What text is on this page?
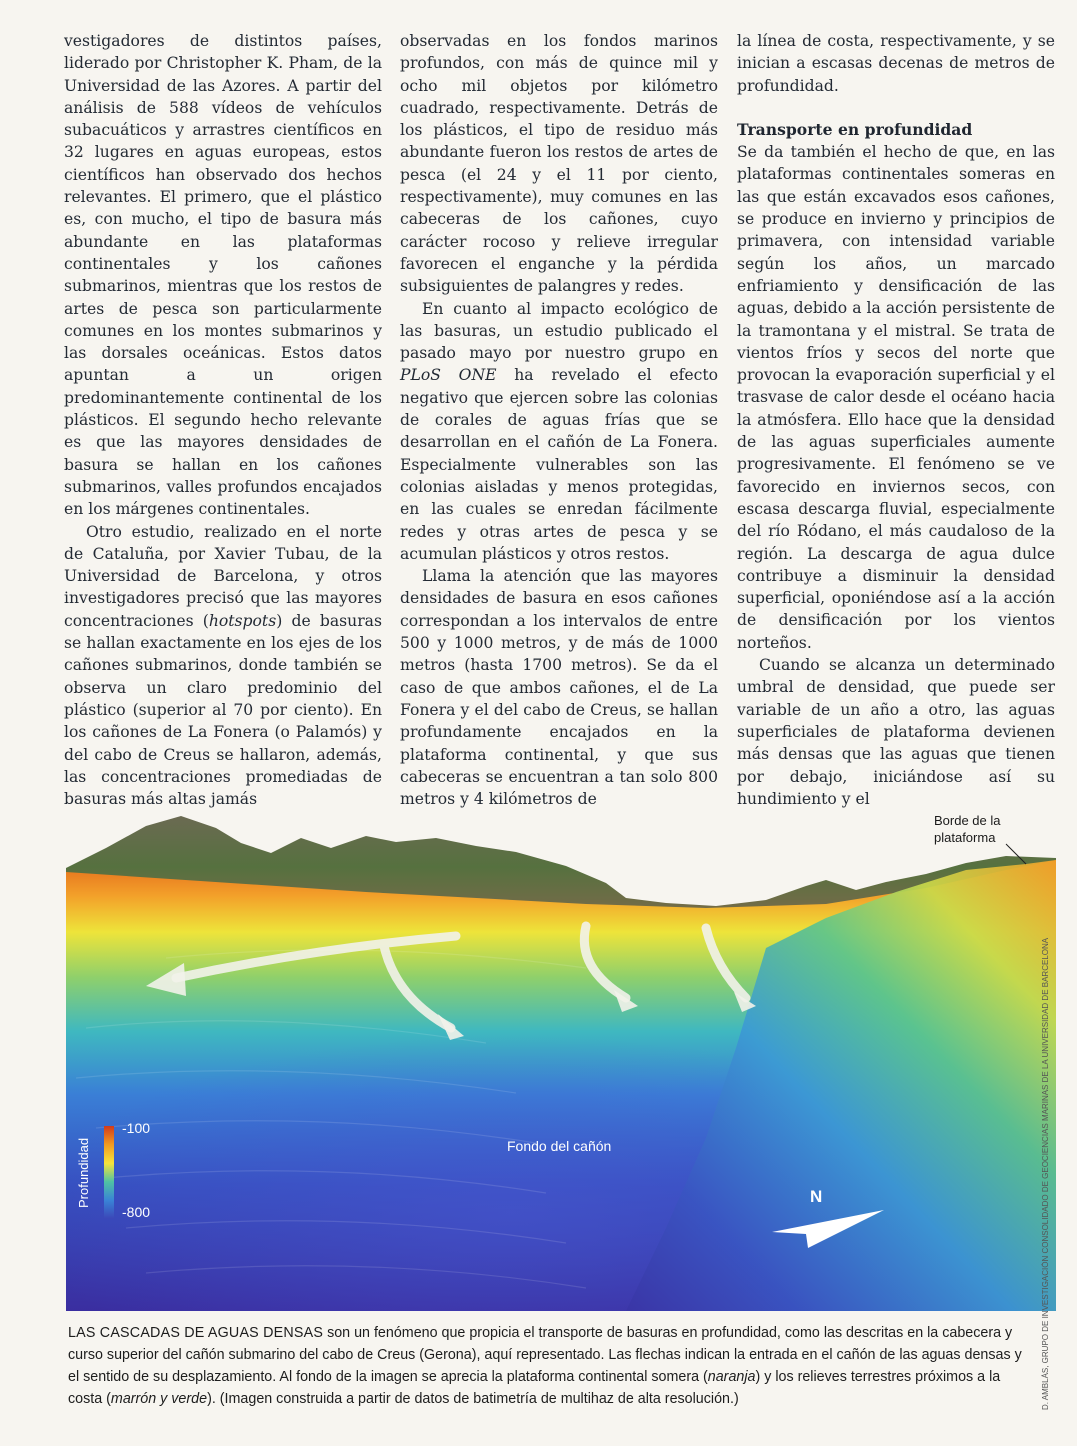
vestigadores de distintos países, liderado por Christopher K. Pham, de la Universidad de las Azores. A partir del análisis de 588 vídeos de vehículos subacuáticos y arrastres científicos en 32 lugares en aguas europeas, estos científicos han observado dos hechos relevantes. El primero, que el plástico es, con mucho, el tipo de basura más abundante en las plataformas continentales y los cañones submarinos, mientras que los restos de artes de pesca son particularmente comunes en los montes submarinos y las dorsales oceánicas. Estos datos apuntan a un origen predominantemente continental de los plásticos. El segundo hecho relevante es que las mayores densidades de basura se hallan en los cañones submarinos, valles profundos encajados en los márgenes continentales.

Otro estudio, realizado en el norte de Cataluña, por Xavier Tubau, de la Universidad de Barcelona, y otros investigadores precisó que las mayores concentraciones (hotspots) de basuras se hallan exactamente en los ejes de los cañones submarinos, donde también se observa un claro predominio del plástico (superior al 70 por ciento). En los cañones de La Fonera (o Palamós) y del cabo de Creus se hallaron, además, las concentraciones promediadas de basuras más altas jamás

observadas en los fondos marinos profundos, con más de quince mil y ocho mil objetos por kilómetro cuadrado, respectivamente. Detrás de los plásticos, el tipo de residuo más abundante fueron los restos de artes de pesca (el 24 y el 11 por ciento, respectivamente), muy comunes en las cabeceras de los cañones, cuyo carácter rocoso y relieve irregular favorecen el enganche y la pérdida subsiguientes de palangres y redes.

En cuanto al impacto ecológico de las basuras, un estudio publicado el pasado mayo por nuestro grupo en PLoS ONE ha revelado el efecto negativo que ejercen sobre las colonias de corales de aguas frías que se desarrollan en el cañón de La Fonera. Especialmente vulnerables son las colonias aisladas y menos protegidas, en las cuales se enredan fácilmente redes y otras artes de pesca y se acumulan plásticos y otros restos.

Llama la atención que las mayores densidades de basura en esos cañones correspondan a los intervalos de entre 500 y 1000 metros, y de más de 1000 metros (hasta 1700 metros). Se da el caso de que ambos cañones, el de La Fonera y el del cabo de Creus, se hallan profundamente encajados en la plataforma continental, y que sus cabeceras se encuentran a tan solo 800 metros y 4 kilómetros de

la línea de costa, respectivamente, y se inician a escasas decenas de metros de profundidad.

Transporte en profundidad

Se da también el hecho de que, en las plataformas continentales someras en las que están excavados esos cañones, se produce en invierno y principios de primavera, con intensidad variable según los años, un marcado enfriamiento y densificación de las aguas, debido a la acción persistente de la tramontana y el mistral. Se trata de vientos fríos y secos del norte que provocan la evaporación superficial y el trasvase de calor desde el océano hacia la atmósfera. Ello hace que la densidad de las aguas superficiales aumente progresivamente. El fenómeno se ve favorecido en inviernos secos, con escasa descarga fluvial, especialmente del río Ródano, el más caudaloso de la región. La descarga de agua dulce contribuye a disminuir la densidad superficial, oponiéndose así a la acción de densificación por los vientos norteños.

Cuando se alcanza un determinado umbral de densidad, que puede ser variable de un año a otro, las aguas superficiales de plataforma devienen más densas que las aguas que tienen por debajo, iniciándose así su hundimiento y el

Borde de la
plataforma
Fondo del cañón
N
Profundidad
-100
-800
LAS CASCADAS DE AGUAS DENSAS son un fenómeno que propicia el transporte de basuras en profundidad, como las descritas en la cabecera y curso superior del cañón submarino del cabo de Creus (Gerona), aquí representado. Las flechas indican la entrada en el cañón de las aguas densas y el sentido de su desplazamiento. Al fondo de la imagen se aprecia la plataforma continental somera (naranja) y los relieves terrestres próximos a la costa (marrón y verde). (Imagen construida a partir de datos de batimetría de multihaz de alta resolución.)	D. AMBLÁS, GRUPO DE INVESTIGACIÓN CONSOLIDADO DE GEOCIENCIAS MARINAS DE LA UNIVERSIDAD DE BARCELONA
